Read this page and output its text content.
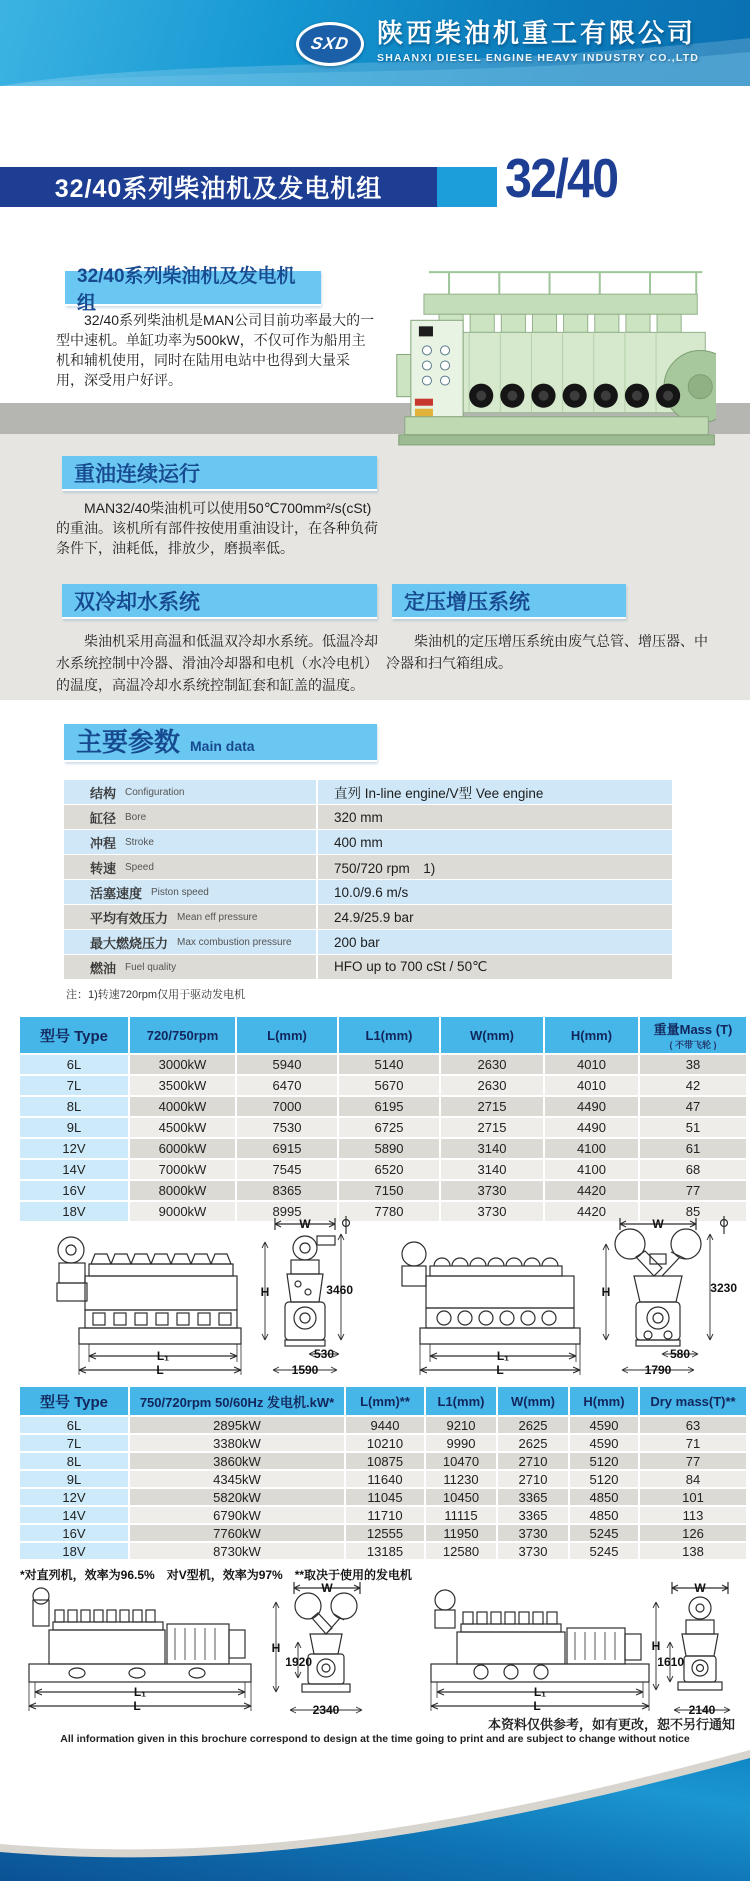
SXD 陕西柴油机重工有限公司
SHAANXI DIESEL ENGINE HEAVY INDUSTRY CO.,LTD
32/40系列柴油机及发电机组 32/40
32/40系列柴油机及发电机组
32/40系列柴油机是MAN公司目前功率最大的一型中速机。单缸功率为500kW，不仅可作为船用主机和辅机使用，同时在陆用电站中也得到大量采用，深受用户好评。
重油连续运行
MAN32/40柴油机可以使用50℃700mm²/s(cSt)的重油。该机所有部件按使用重油设计，在各种负荷条件下，油耗低，排放少，磨损率低。
双冷却水系统
柴油机采用高温和低温双冷却水系统。低温冷却水系统控制中冷器、滑油冷却器和电机（水冷电机）的温度，高温冷却水系统控制缸套和缸盖的温度。
定压增压系统
柴油机的定压增压系统由废气总管、增压器、中冷器和扫气箱组成。
主要参数 Main data
结构 Configuration	直列 In-line engine/V型 Vee engine
缸径 Bore	320 mm
冲程 Stroke	400 mm
转速 Speed	750/720 rpm　1)
活塞速度 Piston speed	10.0/9.6 m/s
平均有效压力 Mean eff pressure	24.9/25.9 bar
最大燃烧压力 Max combustion pressure	200 bar
燃油 Fuel quality	HFO up to 700 cSt / 50℃
注：1)转速720rpm仅用于驱动发电机
型号 Type	720/750rpm	L(mm)	L1(mm)	W(mm)	H(mm)	重量Mass (T)
( 不带飞轮 )

6L	3000kW	5940	5140	2630	4010	38
7L	3500kW	6470	5670	2630	4010	42
8L	4000kW	7000	6195	2715	4490	47
9L	4500kW	7530	6725	2715	4490	51
12V	6000kW	6915	5890	3140	4100	61
14V	7000kW	7545	6520	3140	4100	68
16V	8000kW	8365	7150	3730	4420	77
18V	9000kW	8995	7780	3730	4420	85
L₁
L
W
3460
H
530
1590
L₁
L
W
3230
H
580
1790
型号 Type	750/720rpm 50/60Hz 发电机.kW*	L(mm)**	L1(mm)	W(mm)	H(mm)	Dry mass(T)**

6L	2895kW	9440	9210	2625	4590	63
7L	3380kW	10210	9990	2625	4590	71
8L	3860kW	10875	10470	2710	5120	77
9L	4345kW	11640	11230	2710	5120	84
12V	5820kW	11045	10450	3365	4850	101
14V	6790kW	11710	11115	3365	4850	113
16V	7760kW	12555	11950	3730	5245	126
18V	8730kW	13185	12580	3730	5245	138
*对直列机，效率为96.5%　对V型机，效率为97%　**取决于使用的发电机
L₁
L
W
H
1920
2340
L₁
L
W
H
1610
2140
本资料仅供参考，如有更改，恕不另行通知
All information given in this brochure correspond to design at the time going to print and are subject to change without notice
